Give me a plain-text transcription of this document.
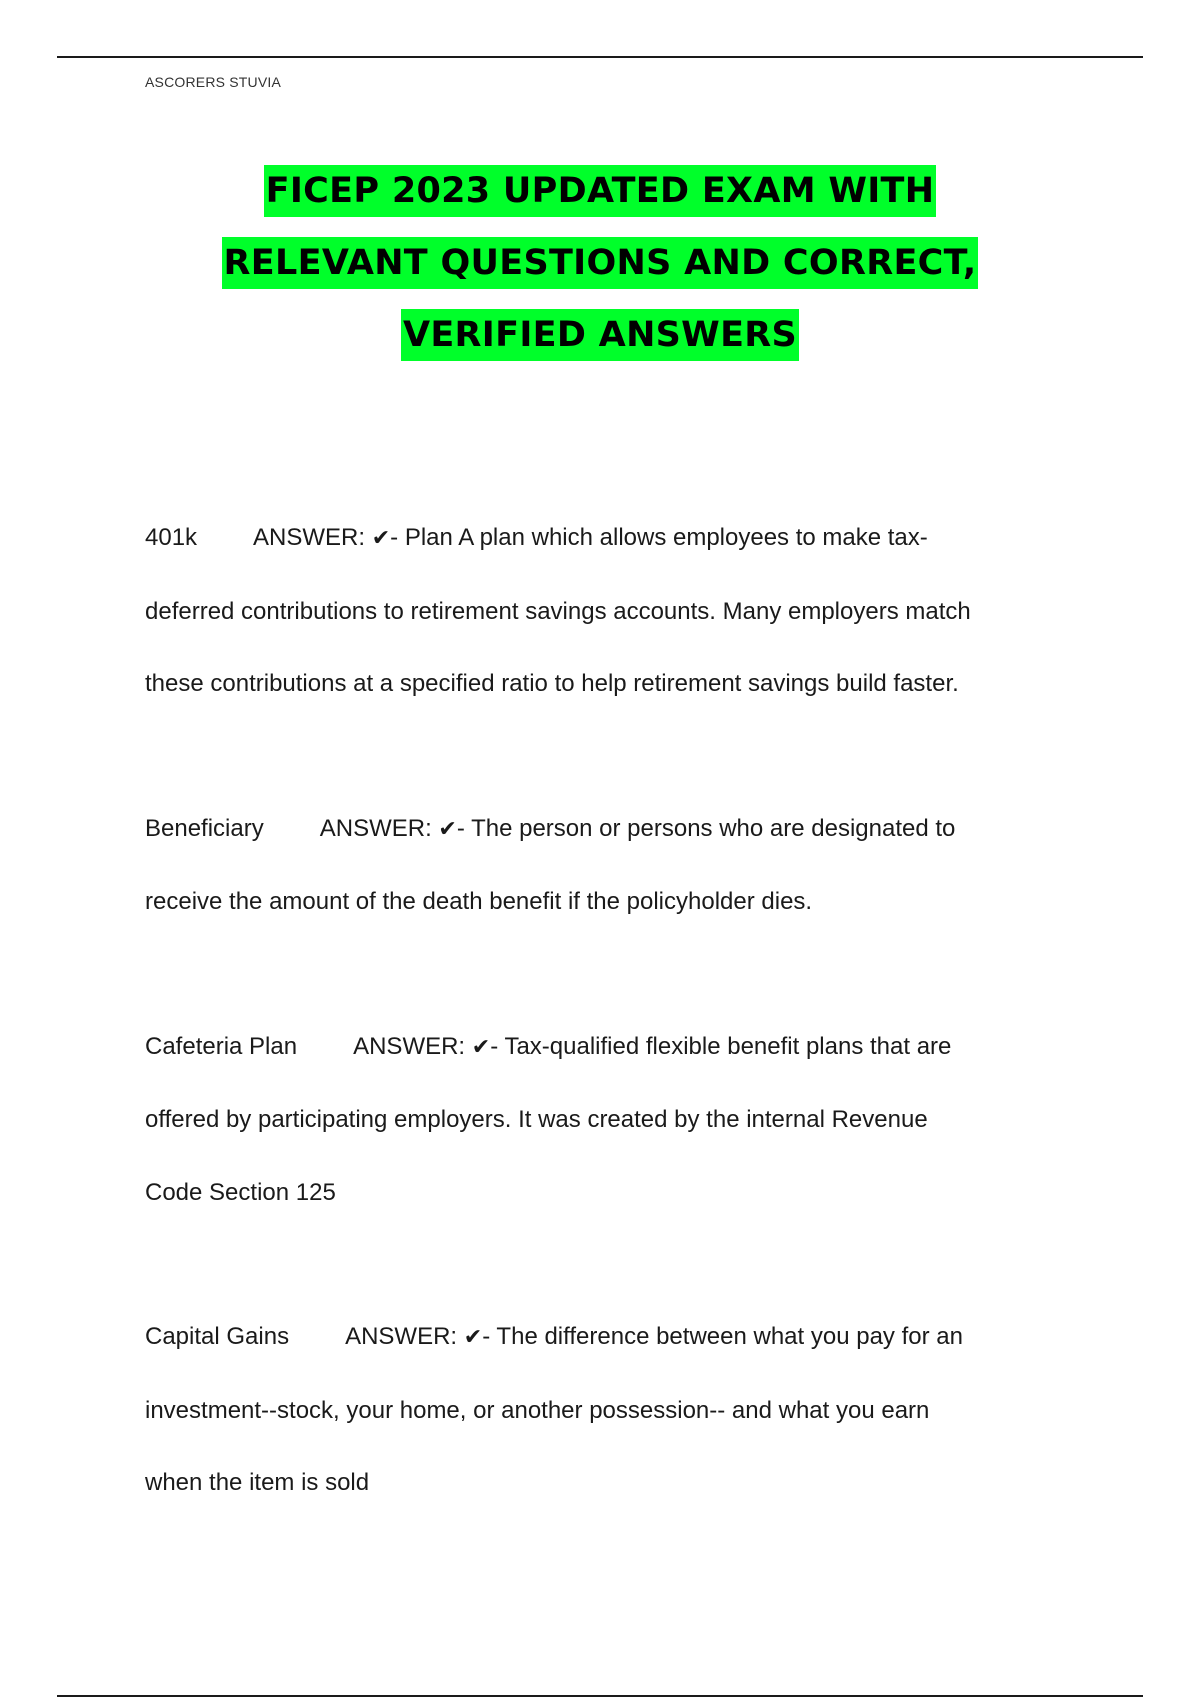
ASCORERS STUVIA
FICEP 2023 UPDATED EXAM WITH
RELEVANT QUESTIONS AND CORRECT,
VERIFIED ANSWERS
401k ANSWER: ✔- Plan A plan which allows employees to make tax-
deferred contributions to retirement savings accounts. Many employers match
these contributions at a specified ratio to help retirement savings build faster.
Beneficiary ANSWER: ✔- The person or persons who are designated to
receive the amount of the death benefit if the policyholder dies.
Cafeteria Plan ANSWER: ✔- Tax-qualified flexible benefit plans that are
offered by participating employers. It was created by the internal Revenue
Code Section 125
Capital Gains ANSWER: ✔- The difference between what you pay for an
investment--stock, your home, or another possession-- and what you earn
when the item is sold
